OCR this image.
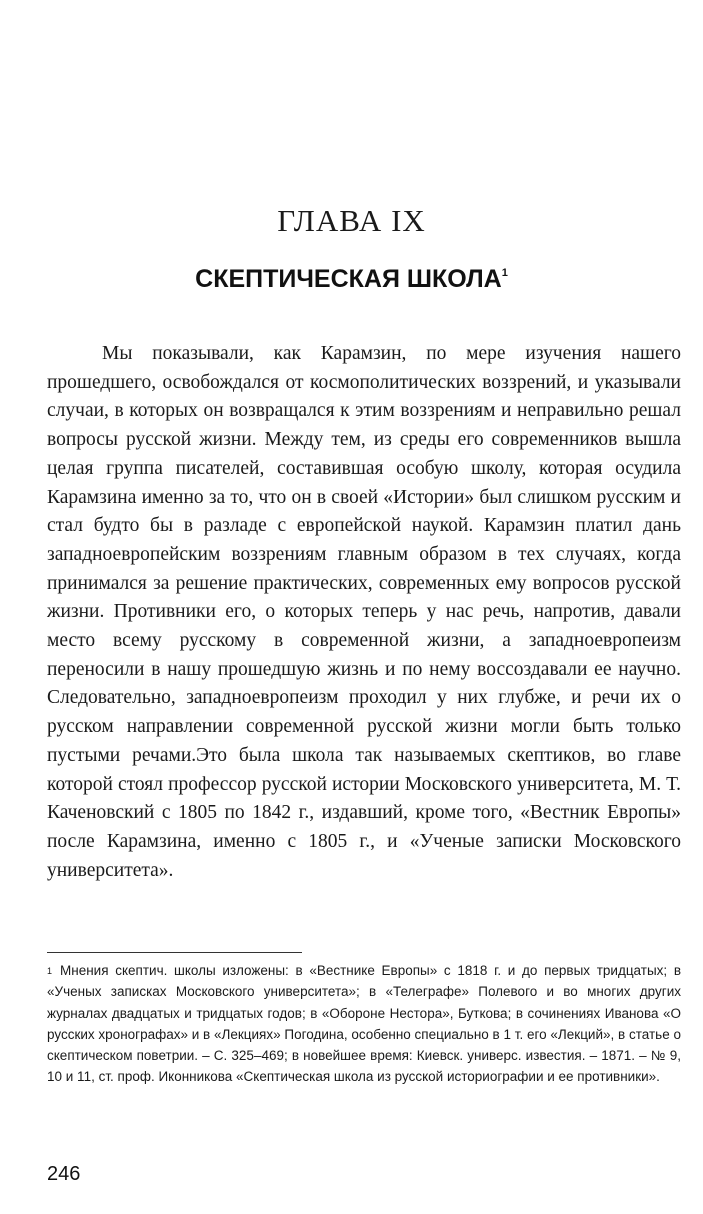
ГЛАВА IX
СКЕПТИЧЕСКАЯ ШКОЛА$^1$

Мы показывали, как Карамзин, по мере изучения нашего прошедшего, освобождался от космополитических воззрений, и указывали случаи, в которых он возвращался к этим воззрениям и неправильно решал вопросы русской жизни. Между тем, из среды его современников вышла целая группа писателей, составившая особую школу, которая осудила Карамзина именно за то, что он в своей «Истории» был слишком русским и стал будто бы в разладе с европейской наукой. Карамзин платил дань западноевропейским воззрениям главным образом в тех случаях, когда принимался за решение практических, современных ему вопросов русской жизни. Противники его, о которых теперь у нас речь, напротив, давали место всему русскому в современной жизни, а западноевропеизм переносили в нашу прошедшую жизнь и по нему воссоздавали ее научно. Следовательно, западноевропеизм проходил у них глубже, и речи их о русском направлении современной русской жизни могли быть только пустыми речами.Это была школа так называемых скептиков, во главе которой стоял профессор русской истории Московского университета, М. Т. Каченовский с 1805 по 1842 г., издавший, кроме того, «Вестник Европы» после Карамзина, именно с 1805 г., и «Ученые записки Московского университета».

$^1$ Мнения скептич. школы изложены: в «Вестнике Европы» с 1818 г. и до первых тридцатых; в «Ученых записках Московского университета»; в «Телеграфе» Полевого и во многих других журналах двадцатых и тридцатых годов; в «Обороне Нестора», Буткова; в сочинениях Иванова «О русских хронографах» и в «Лекциях» Погодина, особенно специально в 1 т. его «Лекций», в статье о скептическом поветрии. – С. 325–469; в новейшее время: Киевск. универс. известия. – 1871. – № 9, 10 и 11, ст. проф. Иконникова «Скептическая школа из русской историографии и ее противники».

246
